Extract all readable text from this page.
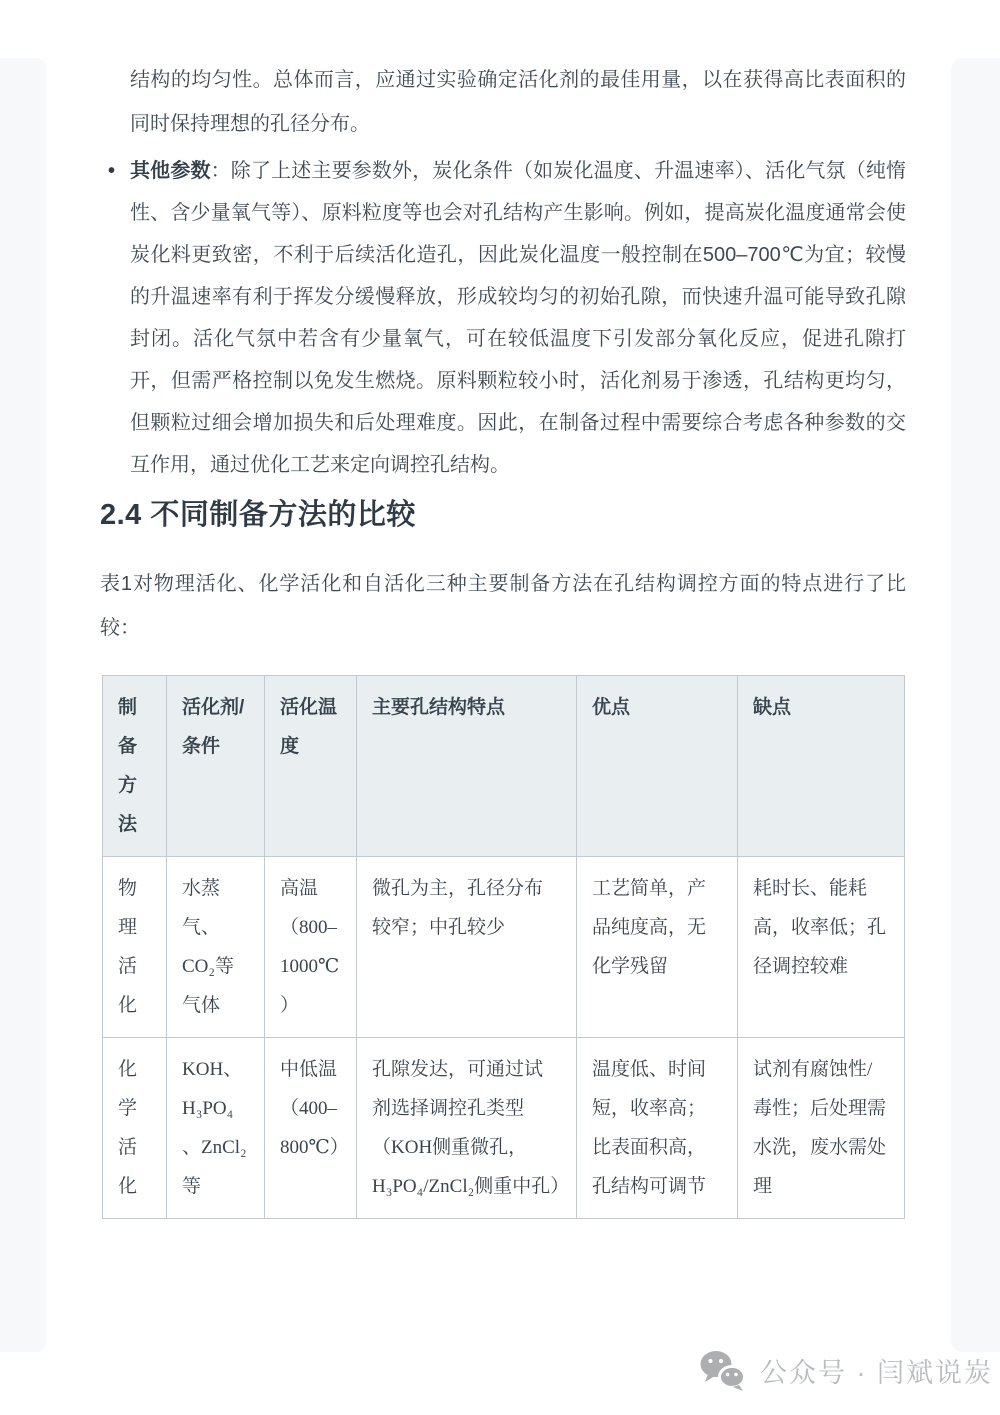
结构的均匀性。总体而言，应通过实验确定活化剂的最佳用量，以在获得高比表面积的同时保持理想的孔径分布。

• 其他参数：除了上述主要参数外，炭化条件（如炭化温度、升温速率）、活化气氛（纯惰性、含少量氧气等）、原料粒度等也会对孔结构产生影响。例如，提高炭化温度通常会使炭化料更致密，不利于后续活化造孔，因此炭化温度一般控制在500–700℃为宜；较慢的升温速率有利于挥发分缓慢释放，形成较均匀的初始孔隙，而快速升温可能导致孔隙封闭。活化气氛中若含有少量氧气，可在较低温度下引发部分氧化反应，促进孔隙打开，但需严格控制以免发生燃烧。原料颗粒较小时，活化剂易于渗透，孔结构更均匀，但颗粒过细会增加损失和后处理难度。因此，在制备过程中需要综合考虑各种参数的交互作用，通过优化工艺来定向调控孔结构。
2.4 不同制备方法的比较

表1对物理活化、化学活化和自活化三种主要制备方法在孔结构调控方面的特点进行了比较：

制备方法	活化剂/条件	活化温度	主要孔结构特点	优点	缺点
物理活化	水蒸气、CO₂等气体	高温（800–1000℃）	微孔为主，孔径分布较窄；中孔较少	工艺简单，产品纯度高，无化学残留	耗时长、能耗高，收率低；孔径调控较难
化学活化	KOH、H₃PO₄、ZnCl₂等	中低温（400–800℃）	孔隙发达，可通过试剂选择调控孔类型（KOH侧重微孔，H₃PO₄/ZnCl₂侧重中孔）	温度低、时间短，收率高；比表面积高，孔结构可调节	试剂有腐蚀性/毒性；后处理需水洗，废水需处理
公众号 · 闫斌说炭
